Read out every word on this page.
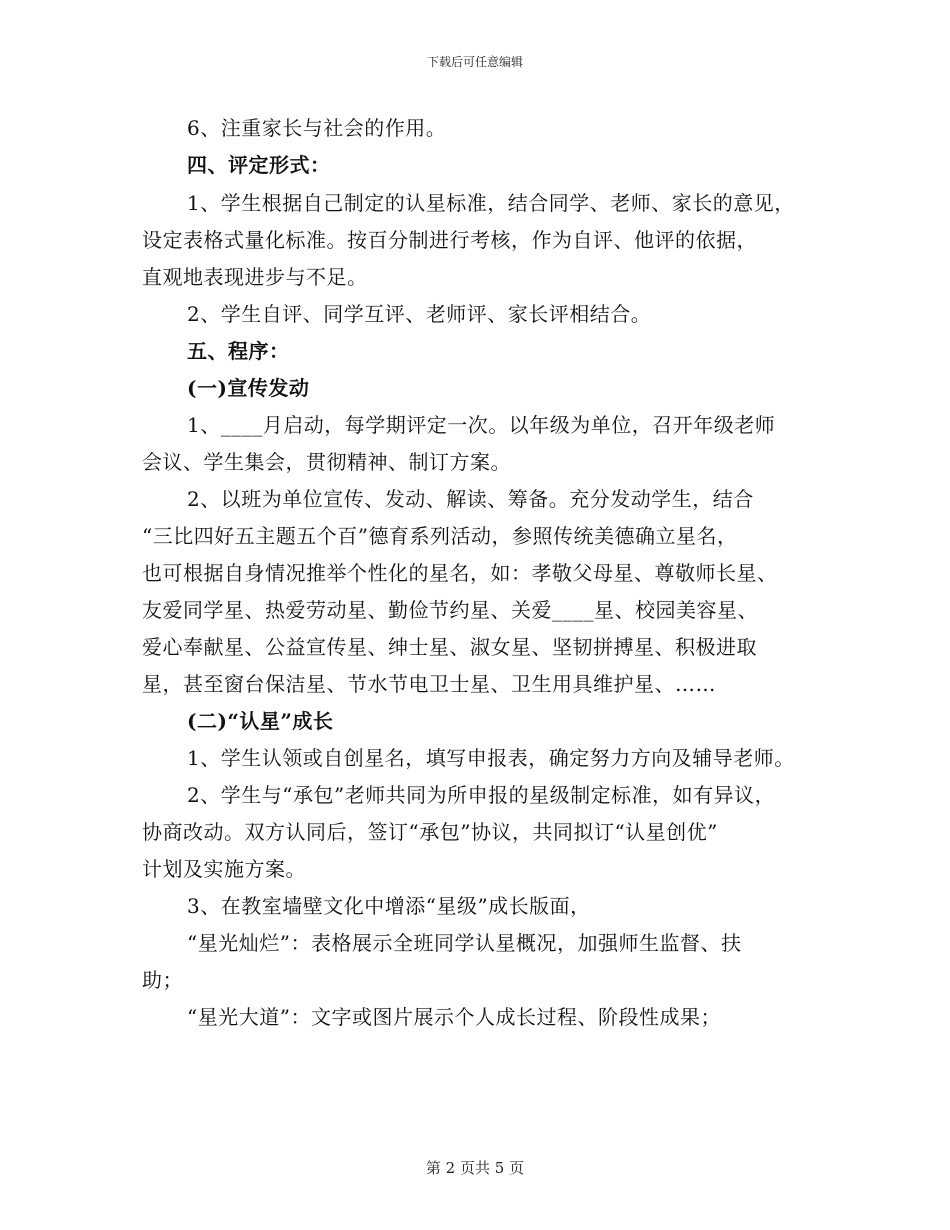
下载后可任意编辑
6、注重家长与社会的作用。
四、评定形式：
1、学生根据自己制定的认星标准，结合同学、老师、家长的意见，
设定表格式量化标准。按百分制进行考核，作为自评、他评的依据，
直观地表现进步与不足。
2、学生自评、同学互评、老师评、家长评相结合。
五、程序：
(一)宣传发动
1、____月启动，每学期评定一次。以年级为单位，召开年级老师
会议、学生集会，贯彻精神、制订方案。
2、以班为单位宣传、发动、解读、筹备。充分发动学生，结合
“三比四好五主题五个百”德育系列活动，参照传统美德确立星名，
也可根据自身情况推举个性化的星名，如：孝敬父母星、尊敬师长星、
友爱同学星、热爱劳动星、勤俭节约星、关爱____星、校园美容星、
爱心奉献星、公益宣传星、绅士星、淑女星、坚韧拼搏星、积极进取
星，甚至窗台保洁星、节水节电卫士星、卫生用具维护星、……
(二)“认星”成长
1、学生认领或自创星名，填写申报表，确定努力方向及辅导老师。
2、学生与“承包”老师共同为所申报的星级制定标准，如有异议，
协商改动。双方认同后，签订“承包”协议，共同拟订“认星创优”
计划及实施方案。
3、在教室墙壁文化中增添“星级”成长版面，
“星光灿烂”：表格展示全班同学认星概况，加强师生监督、扶
助；
“星光大道”：文字或图片展示个人成长过程、阶段性成果；
第 2 页共 5 页
